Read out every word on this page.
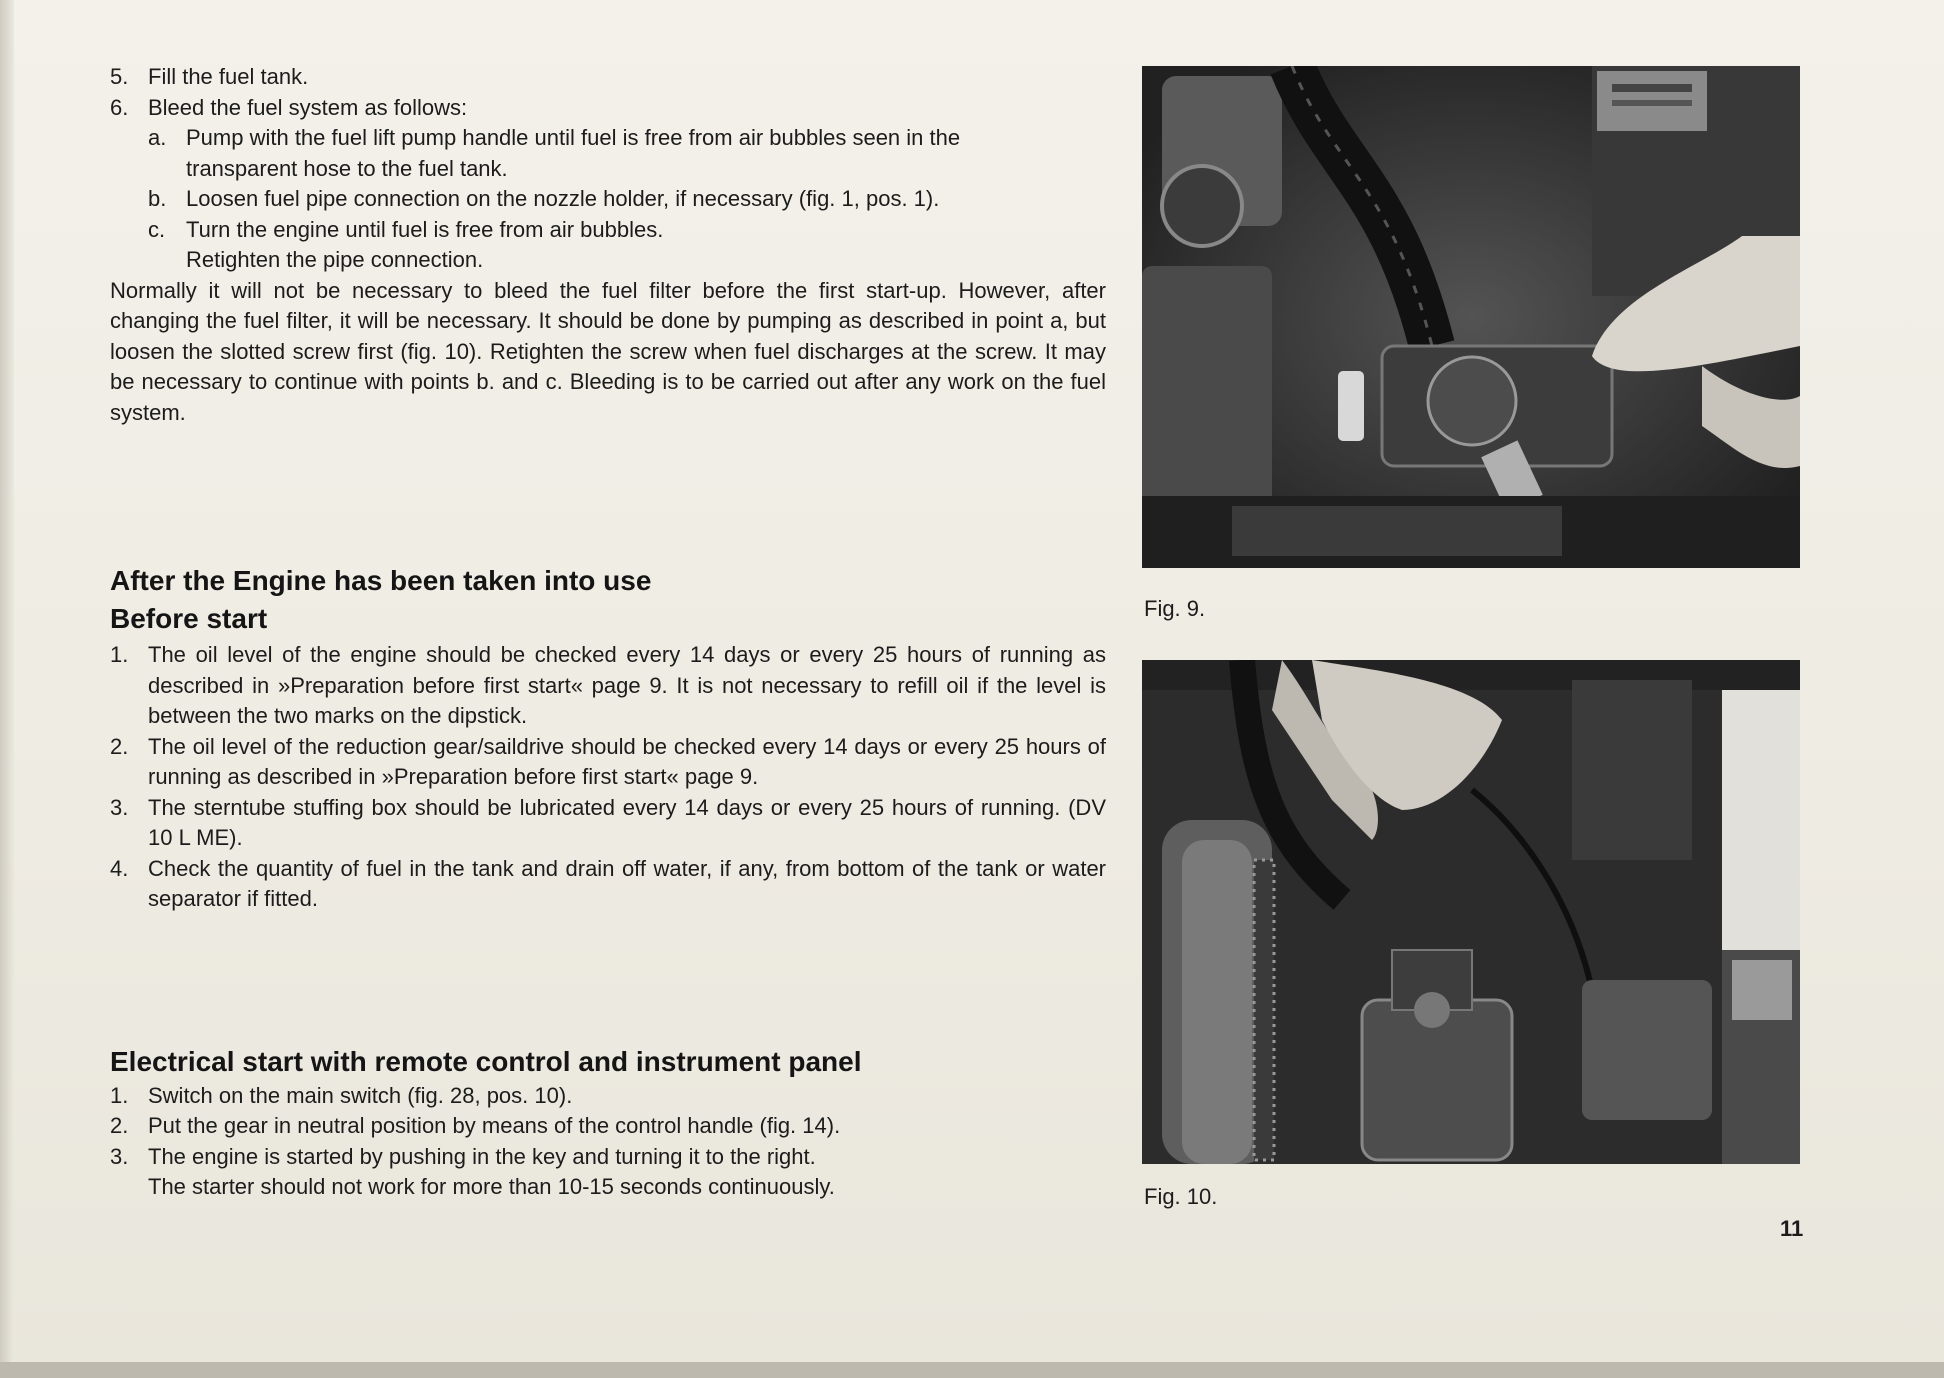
5. Fill the fuel tank.
6. Bleed the fuel system as follows:
a. Pump with the fuel lift pump handle until fuel is free from air bubbles seen in the
transparent hose to the fuel tank.
b. Loosen fuel pipe connection on the nozzle holder, if necessary (fig. 1, pos. 1).
c. Turn the engine until fuel is free from air bubbles.
Retighten the pipe connection.
Normally it will not be necessary to bleed the fuel filter before the first start-up. However, after changing the fuel filter, it will be necessary. It should be done by pumping as described in point a, but loosen the slotted screw first (fig. 10). Retighten the screw when fuel discharges at the screw. It may be necessary to continue with points b. and c. Bleeding is to be carried out after any work on the fuel system.
After the Engine has been taken into use
Before start
1. The oil level of the engine should be checked every 14 days or every 25 hours of running as described in »Preparation before first start« page 9. It is not necessary to refill oil if the level is between the two marks on the dipstick.
2. The oil level of the reduction gear/saildrive should be checked every 14 days or every 25 hours of running as described in »Preparation before first start« page 9.
3. The sterntube stuffing box should be lubricated every 14 days or every 25 hours of running. (DV 10 L ME).
4. Check the quantity of fuel in the tank and drain off water, if any, from bottom of the tank or water separator if fitted.
Electrical start with remote control and instrument panel
1. Switch on the main switch (fig. 28, pos. 10).
2. Put the gear in neutral position by means of the control handle (fig. 14).
3. The engine is started by pushing in the key and turning it to the right.
The starter should not work for more than 10-15 seconds continuously.
Fig. 9.
Fig. 10.
11
